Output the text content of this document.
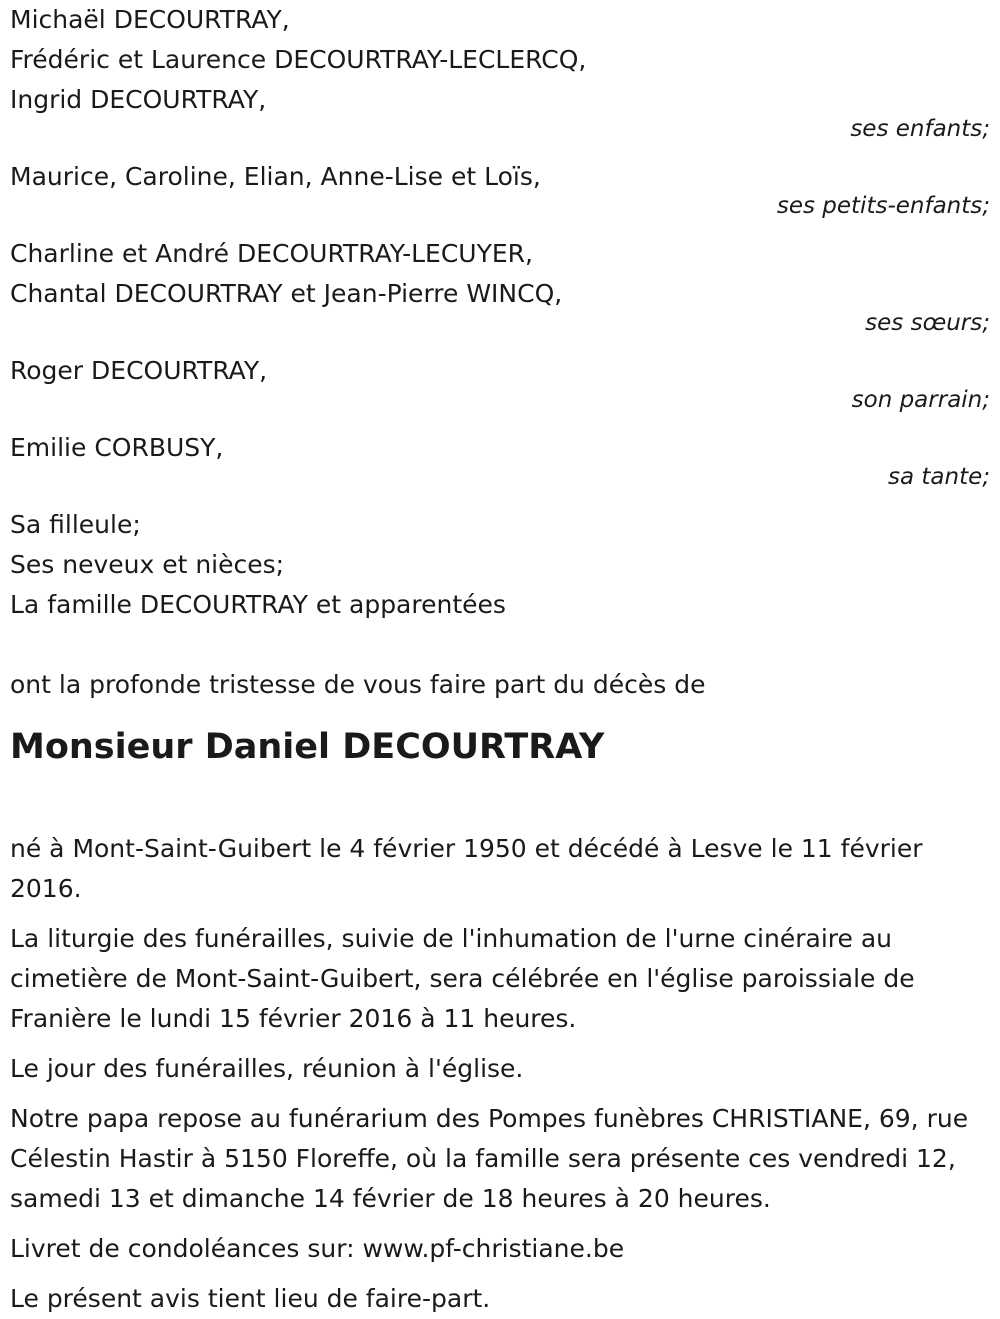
Michaël DECOURTRAY,
Frédéric et Laurence DECOURTRAY-LECLERCQ,
Ingrid DECOURTRAY,
ses enfants;
Maurice, Caroline, Elian, Anne-Lise et Loïs,
ses petits-enfants;
Charline et André DECOURTRAY-LECUYER,
Chantal DECOURTRAY et Jean-Pierre WINCQ,
ses sœurs;
Roger DECOURTRAY,
son parrain;
Emilie CORBUSY,
sa tante;
Sa filleule;
Ses neveux et nièces;
La famille DECOURTRAY et apparentées
ont la profonde tristesse de vous faire part du décès de
Monsieur Daniel DECOURTRAY
né à Mont-Saint-Guibert le 4 février 1950 et décédé à Lesve le 11 février 2016.
La liturgie des funérailles, suivie de l'inhumation de l'urne cinéraire au cimetière de Mont-Saint-Guibert, sera célébrée en l'église paroissiale de Franière le lundi 15 février 2016 à 11 heures.
Le jour des funérailles, réunion à l'église.
Notre papa repose au funérarium des Pompes funèbres CHRISTIANE, 69, rue Célestin Hastir à 5150 Floreffe, où la famille sera présente ces vendredi 12, samedi 13 et dimanche 14 février de 18 heures à 20 heures.
Livret de condoléances sur: www.pf-christiane.be
Le présent avis tient lieu de faire-part.
